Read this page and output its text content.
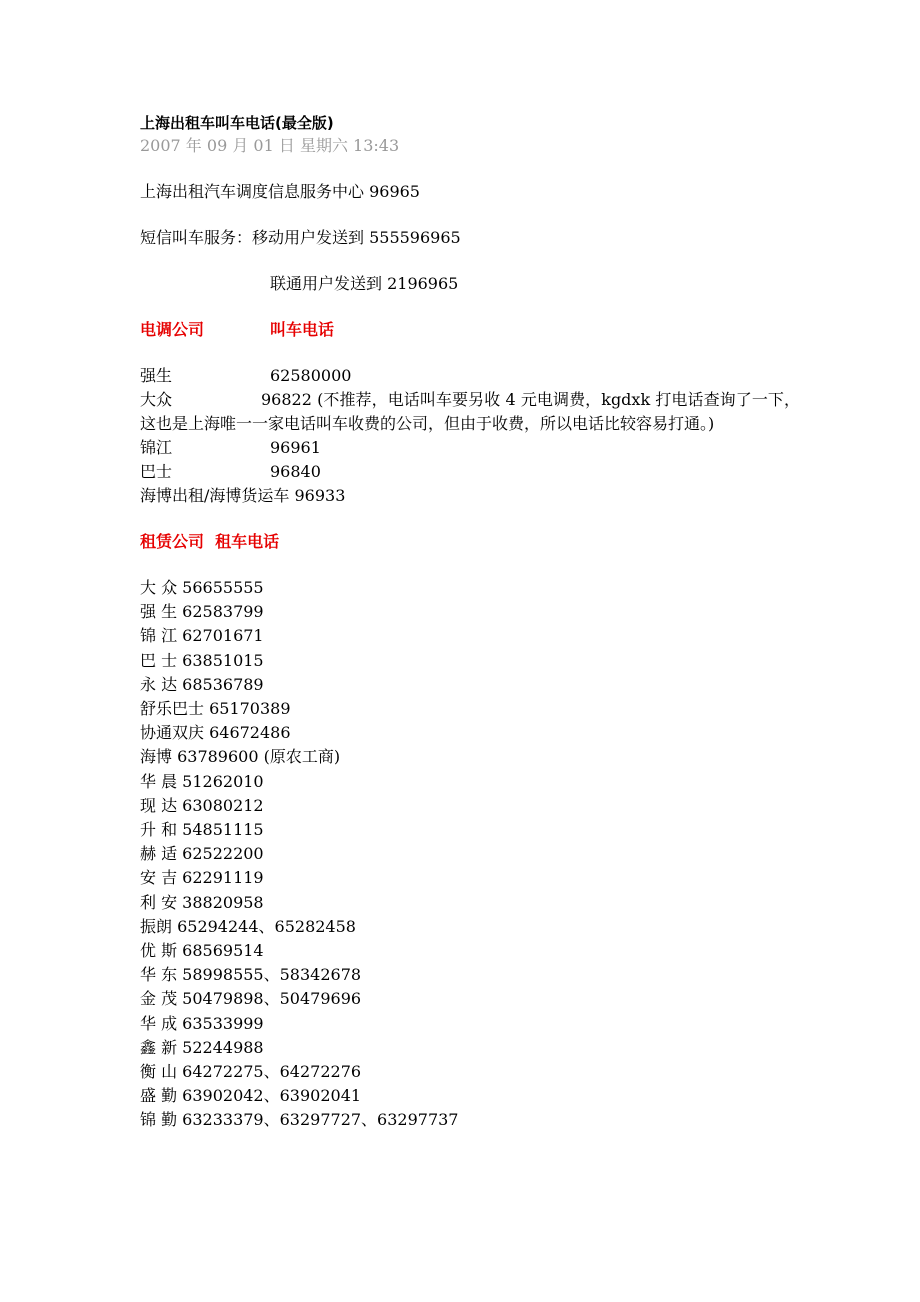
上海出租车叫车电话(最全版)

2007 年 09 月 01 日 星期六 13:43

上海出租汽车调度信息服务中心 96965

短信叫车服务：移动用户发送到 555596965

联通用户发送到 2196965

电调公司	叫车电话

强生	62580000

大众	96822 (不推荐，电话叫车要另收 4 元电调费，kgdxk 打电话查询了一下，这也是上海唯一一家电话叫车收费的公司，但由于收费，所以电话比较容易打通。)

锦江	96961

巴士	96840

海博出租/海博货运车 96933

租赁公司  租车电话

大 众 56655555
强 生 62583799
锦 江 62701671
巴 士 63851015
永 达 68536789
舒乐巴士 65170389
协通双庆 64672486
海博 63789600 (原农工商)
华 晨 51262010
现 达 63080212
升 和 54851115
赫 适 62522200
安 吉 62291119
利 安 38820958
振朗 65294244、65282458
优 斯 68569514
华 东 58998555、58342678
金 茂 50479898、50479696
华 成 63533999
鑫 新 52244988
衡 山 64272275、64272276
盛 勤 63902042、63902041
锦 勤 63233379、63297727、63297737
